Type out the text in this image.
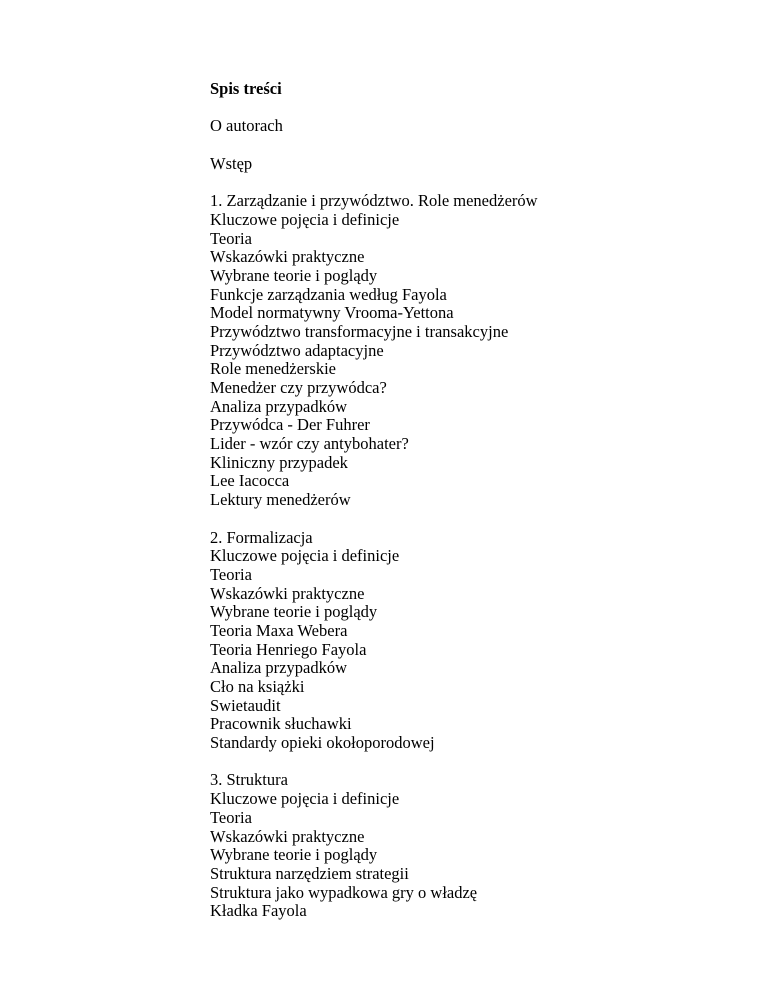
Spis treści

O autorach

Wstęp

1. Zarządzanie i przywództwo. Role menedżerów

Kluczowe pojęcia i definicje

Teoria

Wskazówki praktyczne

Wybrane teorie i poglądy

Funkcje zarządzania według Fayola

Model normatywny Vrooma-Yettona

Przywództwo transformacyjne i transakcyjne

Przywództwo adaptacyjne

Role menedżerskie

Menedżer czy przywódca?

Analiza przypadków

Przywódca - Der Fuhrer

Lider - wzór czy antybohater?

Kliniczny przypadek

Lee Iacocca

Lektury menedżerów

2. Formalizacja

Kluczowe pojęcia i definicje

Teoria

Wskazówki praktyczne

Wybrane teorie i poglądy

Teoria Maxa Webera

Teoria Henriego Fayola

Analiza przypadków

Cło na książki

Swietaudit

Pracownik słuchawki

Standardy opieki okołoporodowej

3. Struktura

Kluczowe pojęcia i definicje

Teoria

Wskazówki praktyczne

Wybrane teorie i poglądy

Struktura narzędziem strategii

Struktura jako wypadkowa gry o władzę

Kładka Fayola
